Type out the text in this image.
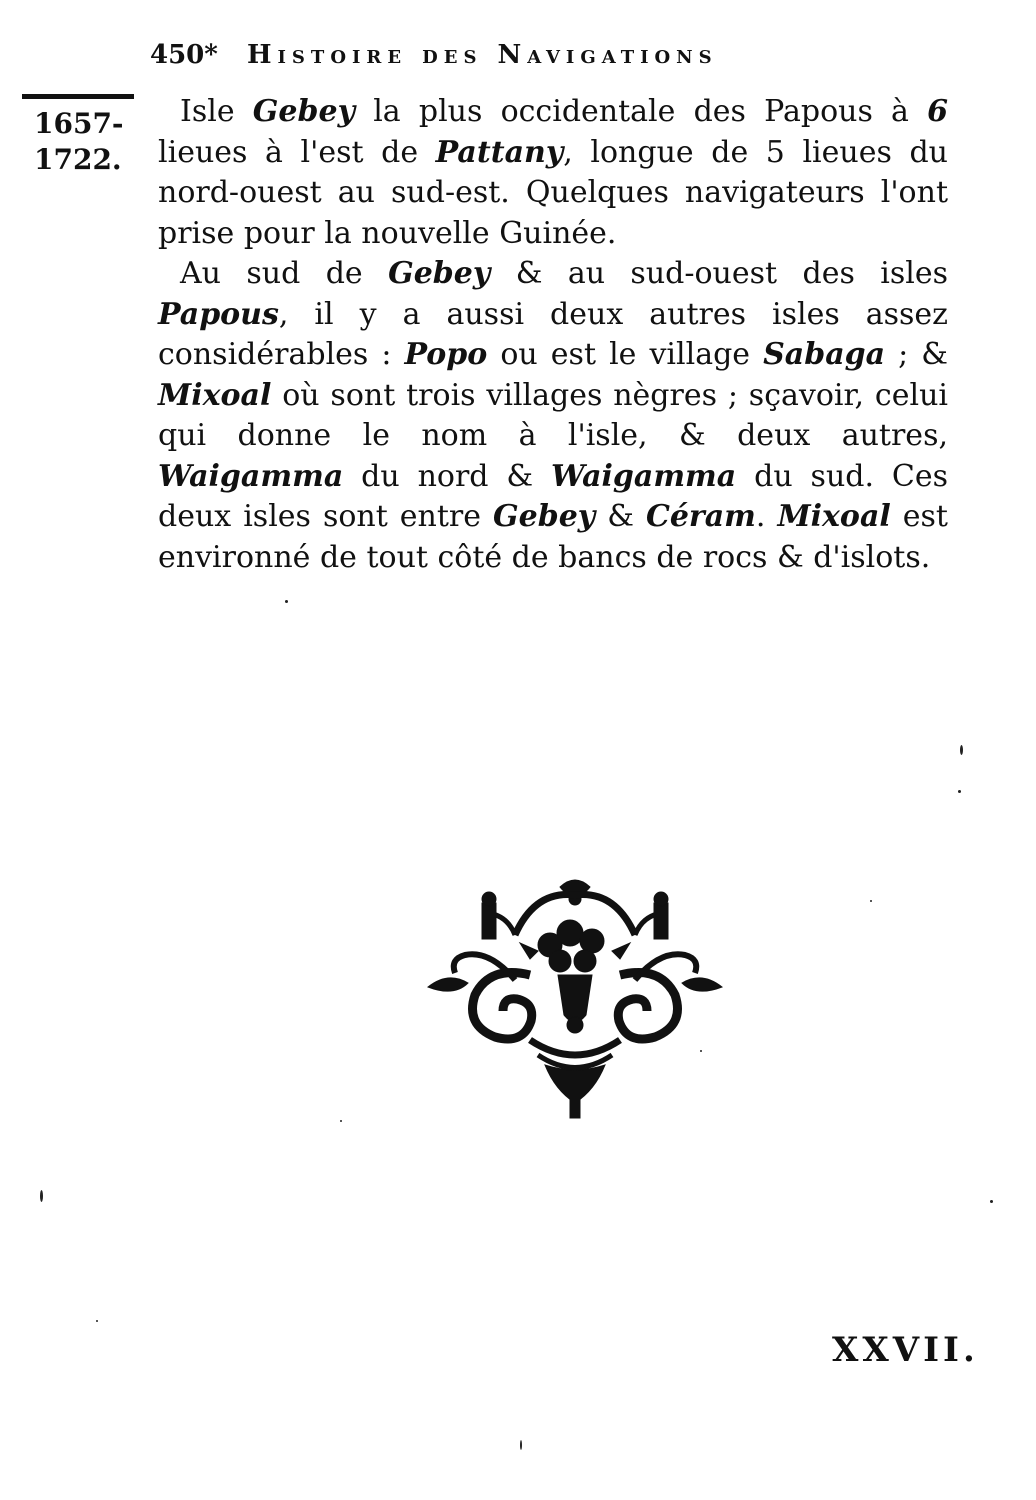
450* Histoire des Navigations
1657-
1722.

Isle Gebey la plus occidentale des Papous à 6 lieues à l'est de Pattany, longue de 5 lieues du nord-ouest au sud-est. Quelques navigateurs l'ont prise pour la nouvelle Guinée.

Au sud de Gebey & au sud-ouest des isles Papous, il y a aussi deux autres isles assez considérables : Popo ou est le village Sabaga ; & Mixoal où sont trois villages nègres ; sçavoir, celui qui donne le nom à l'isle, & deux autres, Waigamma du nord & Waigamma du sud. Ces deux isles sont entre Gebey & Céram. Mixoal est environné de tout côté de bancs de rocs & d'islots.

XXVII.
